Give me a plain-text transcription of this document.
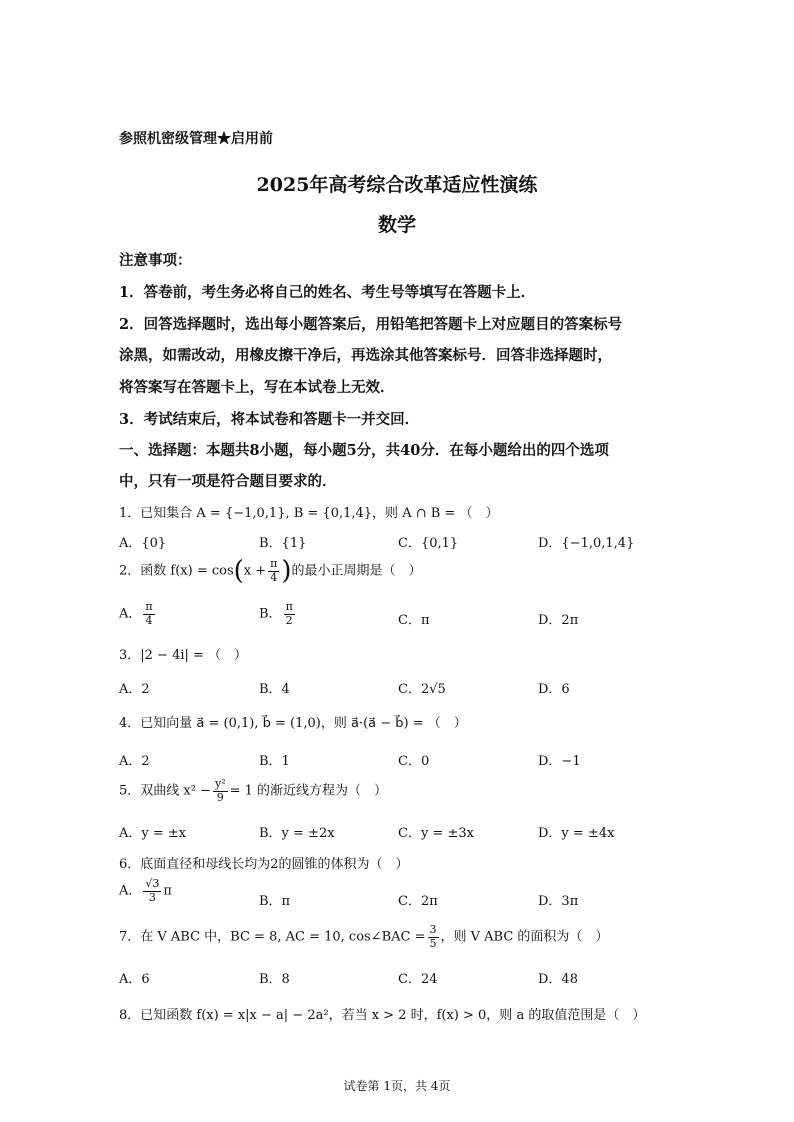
参照机密级管理★启用前
2025年高考综合改革适应性演练
数学
注意事项：
1．答卷前，考生务必将自己的姓名、考生号等填写在答题卡上．
2．回答选择题时，选出每小题答案后，用铅笔把答题卡上对应题目的答案标号
涂黑，如需改动，用橡皮擦干净后，再选涂其他答案标号．回答非选择题时，
将答案写在答题卡上，写在本试卷上无效．
3．考试结束后，将本试卷和答题卡一并交回．
一、选择题：本题共8小题，每小题5分，共40分．在每小题给出的四个选项
中，只有一项是符合题目要求的．
1．已知集合 A = {−1,0,1}, B = {0,1,4}，则 A ∩ B = （　）
A．{0}	B．{1}	C．{0,1}	D．{−1,0,1,4}
2．函数 $f(x) = \cos(x + \frac{\pi}{4}$ )的最小正周期是（　）
A． $\frac{\pi}{4}$	B． $\frac{\pi}{2}$	C．π	D．2π
3．|2 − 4i| = （　）
A．2	B．4	C．2√5	D．6
4．已知向量 a⃗ = (0,1), b⃗ = (1,0)，则 a⃗·(a⃗ − b⃗) = （　）
A．2	B．1	C．0	D．−1
5．双曲线 $x^2 - \frac{\text{y²}}{9} = 1$ 的渐近线方程为（　）
A．y = ±x	B．y = ±2x	C．y = ±3x	D．y = ±4x
6．底面直径和母线长均为2的圆锥的体积为（　）
A． $\frac{√3}{3}$ π
B．π	C．2π	D．3π
7．在 V ABC 中，BC = 8, AC = 10, cos∠BAC = $\frac{3}{5}$ ，则 V ABC 的面积为（　）
A．6	B．8	C．24	D．48
8．已知函数 f(x) = x|x − a| − 2a²，若当 x > 2 时，f(x) > 0，则 a 的取值范围是（　）
试卷第 1页，共 4页
